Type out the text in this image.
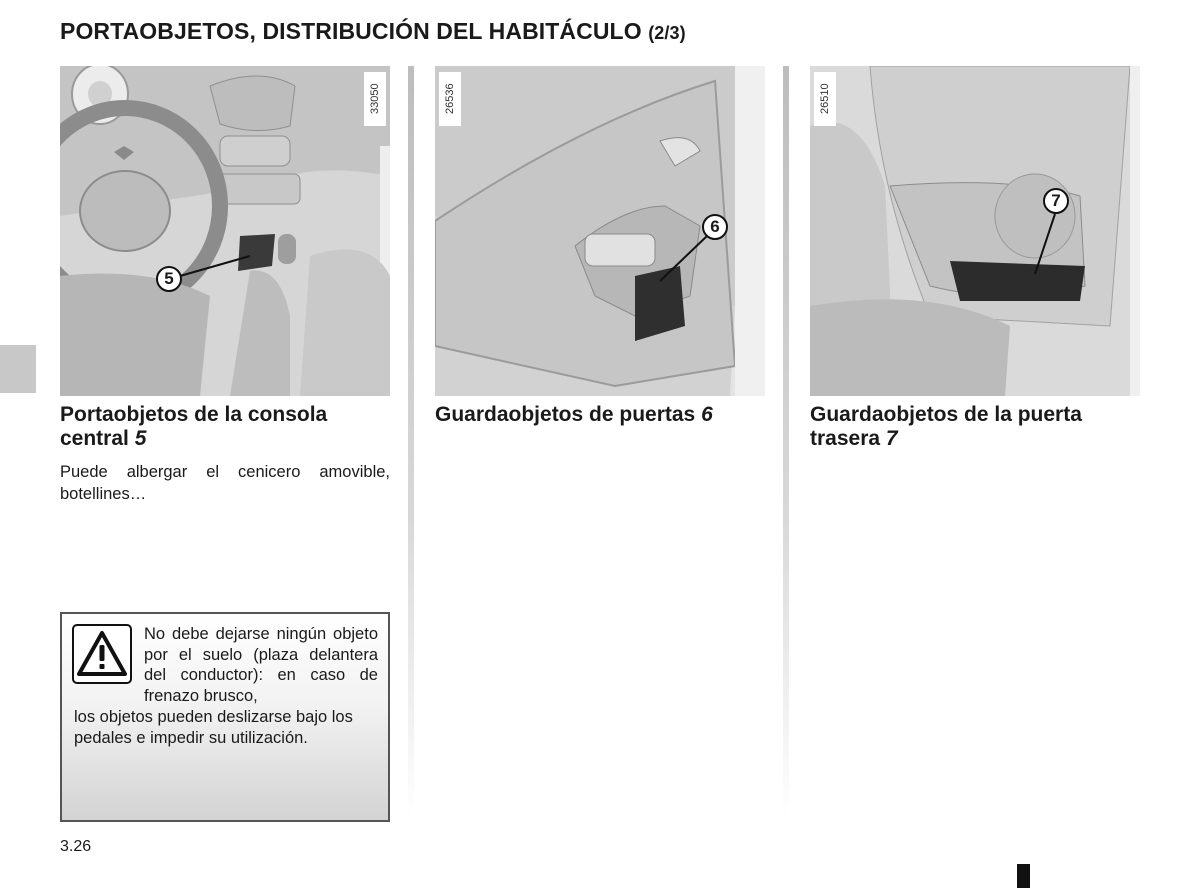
PORTAOBJETOS, DISTRIBUCIÓN DEL HABITÁCULO (2/3)
33050
5
26536
6
26510
7
Portaobjetos de la consola central 5
Guardaobjetos de puertas 6	Guardaobjetos de la puerta trasera 7

Puede albergar el cenicero amovible, botellines…

No debe dejarse ningún objeto por el suelo (plaza delantera del conductor): en caso de frenazo brusco,

los objetos pueden deslizarse bajo los pedales e impedir su utilización.

3.26
